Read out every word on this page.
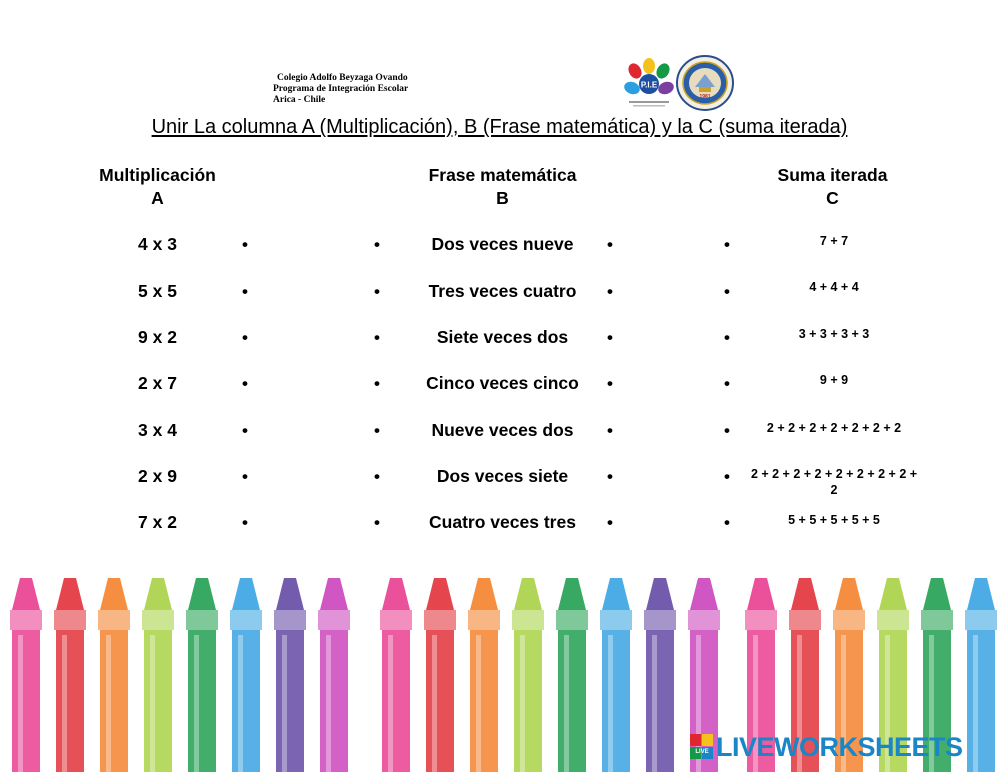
Colegio Adolfo Beyzaga Ovando
Programa de Integración Escolar
Arica - Chile
P.I.E
1981
Unir La columna A (Multiplicación), B (Frase matemática) y la C (suma iterada)
Multiplicación
A
Frase matemática
B
Suma iterada
C
4 x 3	•	•	Dos veces nueve	•	•	7 + 7
5 x 5	•	•	Tres veces cuatro	•	•	4 + 4 + 4
9 x 2	•	•	Siete veces dos	•	•	3 + 3 + 3 + 3
2 x 7	•	•	Cinco veces cinco	•	•	9 + 9
3 x 4	•	•	Nueve veces dos	•	•	2 + 2 + 2 + 2 + 2 + 2 + 2
2 x 9	•	•	Dos veces siete	•	•	2 + 2 + 2 + 2 + 2 + 2 + 2 + 2 + 2
7 x 2	•	•	Cuatro veces tres	•	•	5 + 5 + 5 + 5 + 5
LIVE LIVEWORKSHEETS
